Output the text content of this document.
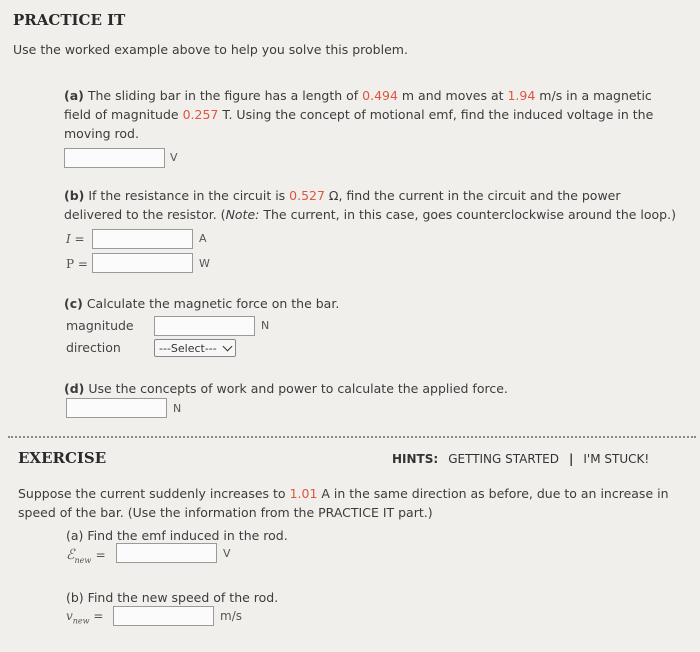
PRACTICE IT
Use the worked example above to help you solve this problem.
(a) The sliding bar in the figure has a length of 0.494 m and moves at 1.94 m/s in a magnetic
field of magnitude 0.257 T. Using the concept of motional emf, find the induced voltage in the
moving rod.
V
(b) If the resistance in the circuit is 0.527 Ω, find the current in the circuit and the power
delivered to the resistor. (Note: The current, in this case, goes counterclockwise around the loop.)
I =	A
P =	W
(c) Calculate the magnetic force on the bar.
magnitude	N
direction	---Select---
(d) Use the concepts of work and power to calculate the applied force.
N
EXERCISE	HINTS: GETTING STARTED | I'M STUCK!
Suppose the current suddenly increases to 1.01 A in the same direction as before, due to an increase in
speed of the bar. (Use the information from the PRACTICE IT part.)
(a) Find the emf induced in the rod.
ℰ$_{new}$ =	V
(b) Find the new speed of the rod.
$v_{new}$ =	m/s
